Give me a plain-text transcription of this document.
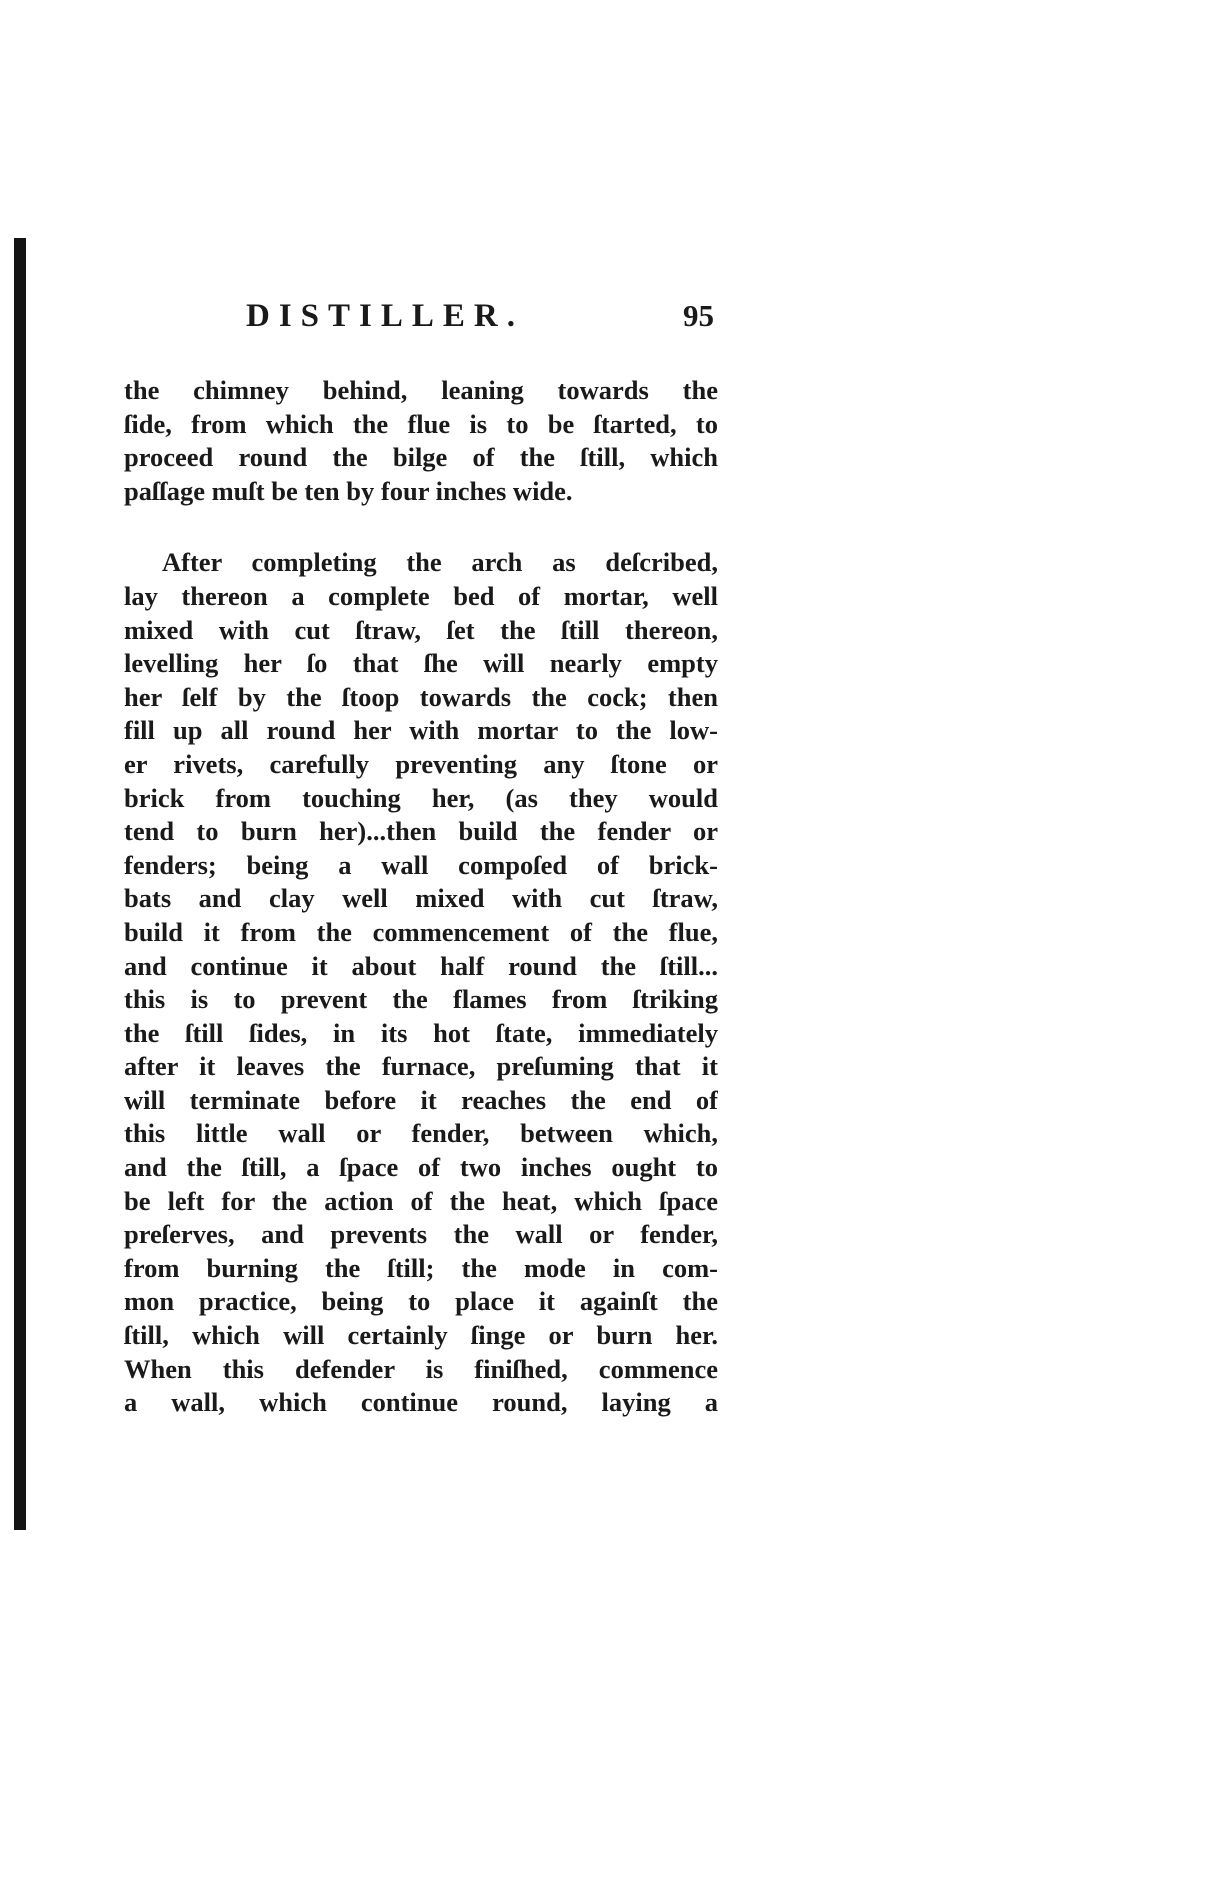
DISTILLER.	95
the chimney behind, leaning towards the
ſide, from which the flue is to be ſtarted, to
proceed round the bilge of the ſtill, which
paſſage muſt be ten by four inches wide.
After completing the arch as deſcribed,
lay thereon a complete bed of mortar, well
mixed with cut ſtraw, ſet the ſtill thereon,
levelling her ſo that ſhe will nearly empty
her ſelf by the ſtoop towards the cock; then
fill up all round her with mortar to the low-
er rivets, carefully preventing any ſtone or
brick from touching her, (as they would
tend to burn her)...then build the fender or
fenders; being a wall compoſed of brick-
bats and clay well mixed with cut ſtraw,
build it from the commencement of the flue,
and continue it about half round the ſtill...
this is to prevent the flames from ſtriking
the ſtill ſides, in its hot ſtate, immediately
after it leaves the furnace, preſuming that it
will terminate before it reaches the end of
this little wall or fender, between which,
and the ſtill, a ſpace of two inches ought to
be left for the action of the heat, which ſpace
preſerves, and prevents the wall or fender,
from burning the ſtill; the mode in com-
mon practice, being to place it againſt the
ſtill, which will certainly ſinge or burn her.
When this defender is finiſhed, commence
a wall, which continue round, laying a
